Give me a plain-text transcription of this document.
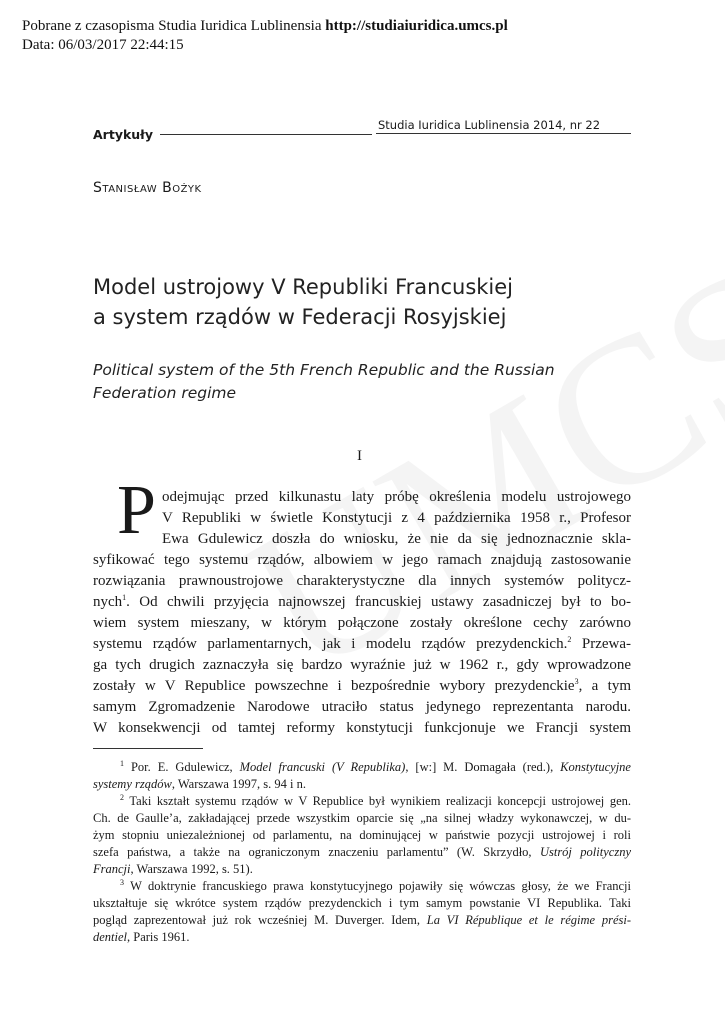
Pobrane z czasopisma Studia Iuridica Lublinensia http://studiaiuridica.umcs.pl
Data: 06/03/2017 22:44:15
Artykuły
Studia Iuridica Lublinensia 2014, nr 22
Stanisław Bożyk
Model ustrojowy V Republiki Francuskiej
a system rządów w Federacji Rosyjskiej
Political system of the 5th French Republic and the Russian Federation regime
I
P odejmując przed kilkunastu laty próbę określenia modelu ustrojowego
V Republiki w świetle Konstytucji z 4 października 1958 r., Profesor
Ewa Gdulewicz doszła do wniosku, że nie da się jednoznacznie skla-
syfikować tego systemu rządów, albowiem w jego ramach znajdują zastosowanie
rozwiązania prawnoustrojowe charakterystyczne dla innych systemów politycz-
nych$^1$. Od chwili przyjęcia najnowszej francuskiej ustawy zasadniczej był to bo-
wiem system mieszany, w którym połączone zostały określone cechy zarówno
systemu rządów parlamentarnych, jak i modelu rządów prezydenckich.$^2$ Przewa-
ga tych drugich zaznaczyła się bardzo wyraźnie już w 1962 r., gdy wprowadzone
zostały w V Republice powszechne i bezpośrednie wybory prezydenckie$^3$, a tym
samym Zgromadzenie Narodowe utraciło status jedynego reprezentanta narodu.
W konsekwencji od tamtej reformy konstytucji funkcjonuje we Francji system
$^1$ Por. E. Gdulewicz, Model francuski (V Republika), [w:] M. Domagała (red.), Konstytucyjne
systemy rządów, Warszawa 1997, s. 94 i n.
$^2$ Taki kształt systemu rządów w V Republice był wynikiem realizacji koncepcji ustrojowej gen.
Ch. de Gaulle’a, zakładającej przede wszystkim oparcie się „na silnej władzy wykonawczej, w du-
żym stopniu uniezależnionej od parlamentu, na dominującej w państwie pozycji ustrojowej i roli
szefa państwa, a także na ograniczonym znaczeniu parlamentu” (W. Skrzydło, Ustrój polityczny
Francji, Warszawa 1992, s. 51).
$^3$ W doktrynie francuskiego prawa konstytucyjnego pojawiły się wówczas głosy, że we Francji
ukształtuje się wkrótce system rządów prezydenckich i tym samym powstanie VI Republika. Taki
pogląd zaprezentował już rok wcześniej M. Duverger. Idem, La VI République et le régime prési-
dentiel, Paris 1961.
